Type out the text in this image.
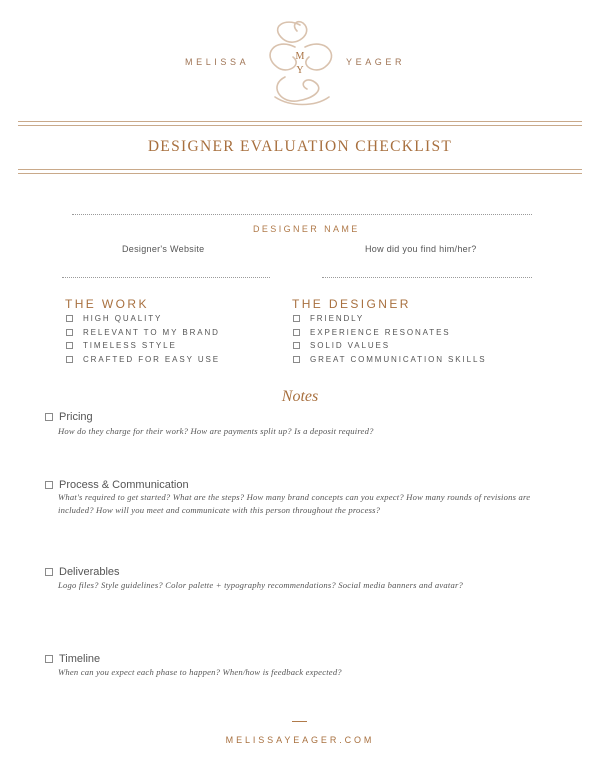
MELISSA	YEAGER
M
Y
DESIGNER EVALUATION CHECKLIST
DESIGNER NAME
Designer's Website	How did you find him/her?
THE WORK
HIGH QUALITY
RELEVANT TO MY BRAND
TIMELESS STYLE
CRAFTED FOR EASY USE
THE DESIGNER
FRIENDLY
EXPERIENCE RESONATES
SOLID VALUES
GREAT COMMUNICATION SKILLS
Notes
Pricing
How do they charge for their work? How are payments split up? Is a deposit required?
Process & Communication
What's required to get started? What are the steps? How many brand concepts can you expect? How many rounds of revisions are included? How will you meet and communicate with this person throughout the process?
Deliverables
Logo files? Style guidelines? Color palette + typography recommendations? Social media banners and avatar?
Timeline
When can you expect each phase to happen? When/how is feedback expected?
MELISSAYEAGER.COM
